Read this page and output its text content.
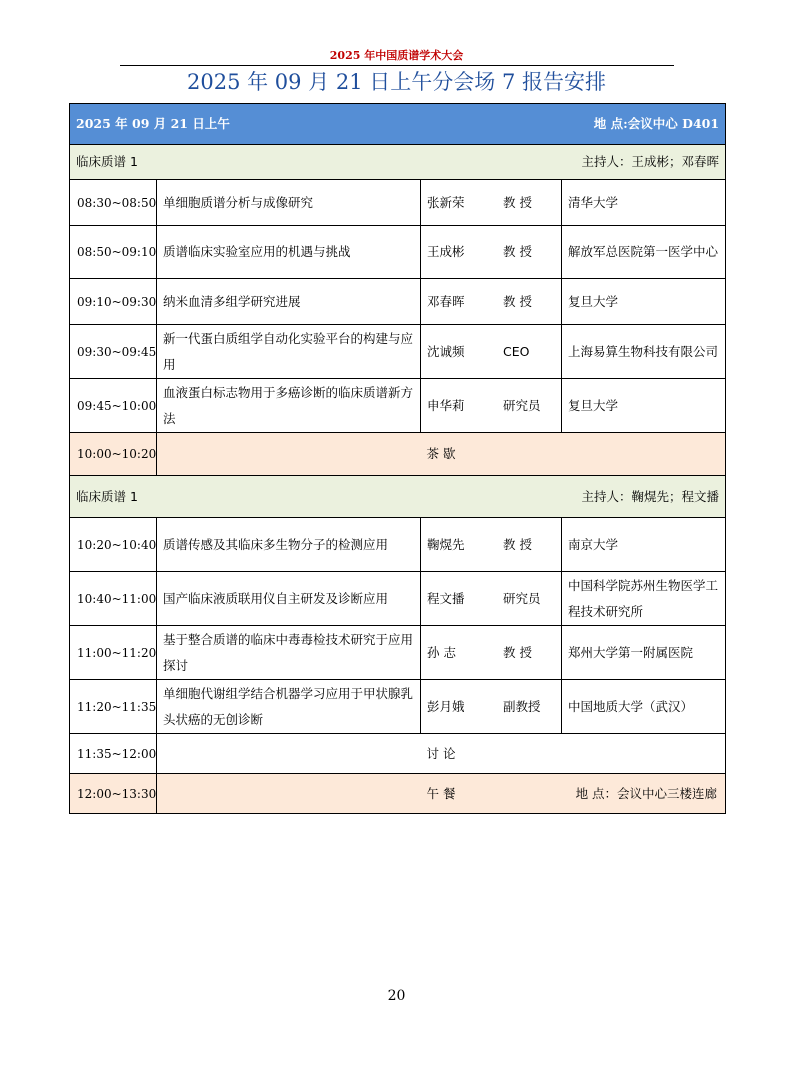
2025 年中国质谱学术大会
2025 年 09 月 21 日上午分会场 7 报告安排
2025 年 09 月 21 日上午 地 点:会议中心 D401			

临床质谱 1 主持人：王成彬；邓春晖			

08:30~08:50	单细胞质谱分析与成像研究	张新荣 教 授	清华大学
08:50~09:10	质谱临床实验室应用的机遇与挑战	王成彬 教 授	解放军总医院第一医学中心
09:10~09:30	纳米血清多组学研究进展	邓春晖 教 授	复旦大学
09:30~09:45	新一代蛋白质组学自动化实验平台的构建与应用	沈诚频 CEO	上海易算生物科技有限公司
09:45~10:00	血液蛋白标志物用于多癌诊断的临床质谱新方法	申华莉 研究员	复旦大学
10:00~10:20	茶 歇		
临床质谱 1 主持人：鞠熀先；程文播			

10:20~10:40	质谱传感及其临床多生物分子的检测应用	鞠熀先 教 授	南京大学
10:40~11:00	国产临床液质联用仪自主研发及诊断应用	程文播 研究员	中国科学院苏州生物医学工程技术研究所
11:00~11:20	基于整合质谱的临床中毒毒检技术研究于应用探讨	孙 志 教 授	郑州大学第一附属医院
11:20~11:35	单细胞代谢组学结合机器学习应用于甲状腺乳头状癌的无创诊断	彭月娥 副教授	中国地质大学（武汉）
11:35~12:00	讨 论		
12:00~13:30	午 餐 地 点：会议中心三楼连廊		
20
